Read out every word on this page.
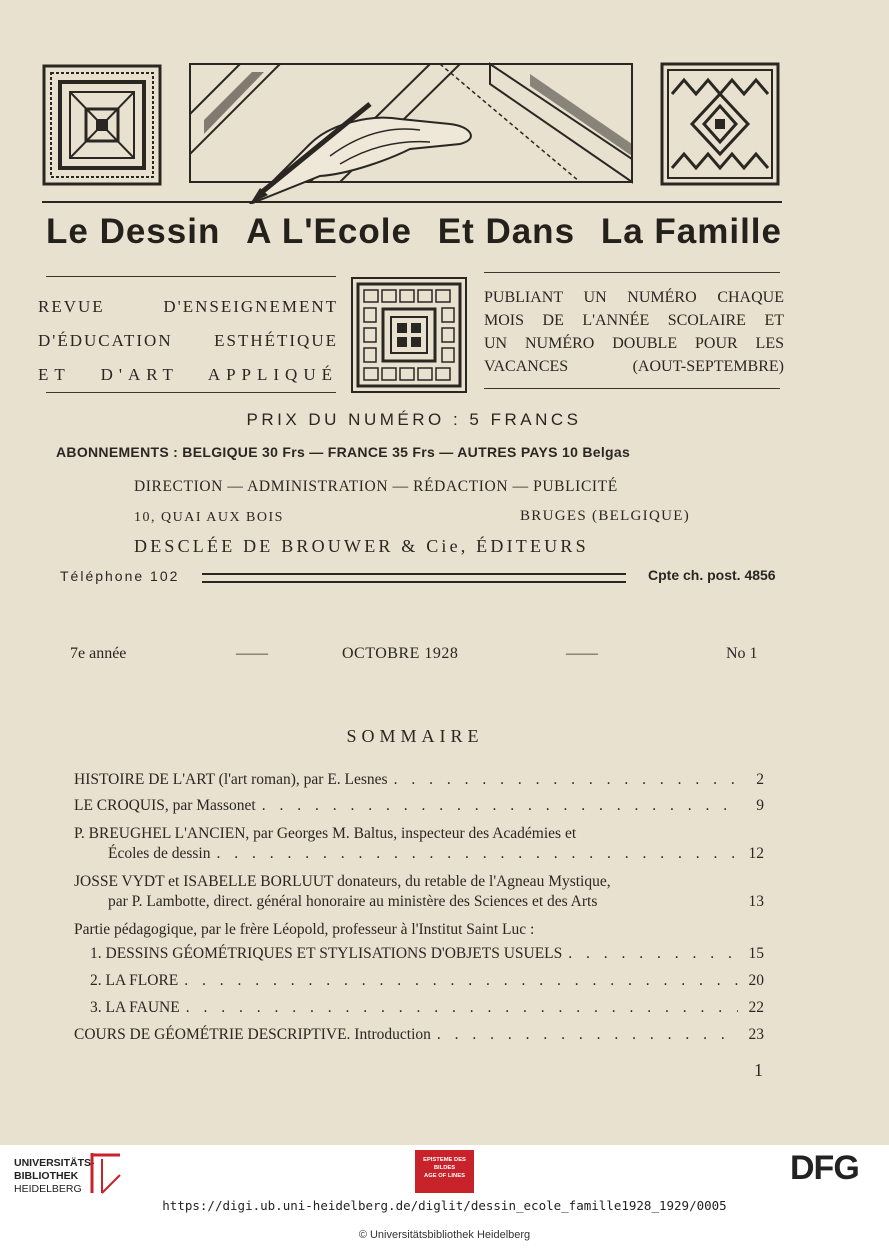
Le Dessin A L'Ecole Et Dans La Famille
REVUE D'ENSEIGNEMENT
D'ÉDUCATION ESTHÉTIQUE
ET D'ART APPLIQUÉ
PUBLIANT UN NUMÉRO CHAQUE
MOIS DE L'ANNÉE SCOLAIRE ET
UN NUMÉRO DOUBLE POUR LES
VACANCES (AOUT-SEPTEMBRE)
PRIX DU NUMÉRO : 5 FRANCS
ABONNEMENTS : BELGIQUE 30 Frs — FRANCE 35 Frs — AUTRES PAYS 10 Belgas
DIRECTION — ADMINISTRATION — RÉDACTION — PUBLICITÉ
10, QUAI AUX BOIS	BRUGES (BELGIQUE)
DESCLÉE DE BROUWER & Cie, ÉDITEURS
Téléphone 102	Cpte ch. post. 4856
7e année	——	OCTOBRE 1928	——	No 1
SOMMAIRE
HISTOIRE DE L'ART (l'art roman), par E. Lesnes . . .	2
LE CROQUIS, par Massonet . . .	9
P. BREUGHEL L'ANCIEN, par Georges M. Baltus, inspecteur des Académies et
Écoles de dessin . . .	12
JOSSE VYDT et ISABELLE BORLUUT donateurs, du retable de l'Agneau Mystique,
par P. Lambotte, direct. général honoraire au ministère des Sciences et des Arts	13
Partie pédagogique, par le frère Léopold, professeur à l'Institut Saint Luc :
1. DESSINS GÉOMÉTRIQUES ET STYLISATIONS D'OBJETS USUELS . . .	15
2. LA FLORE . . .	20
3. LA FAUNE . . .	22
COURS DE GÉOMÉTRIE DESCRIPTIVE. Introduction . . .	23
1
UNIVERSITÄTS-
BIBLIOTHEK
HEIDELBERG
EPISTEME DES
BILDES
AGE OF LINES	DFG
https://digi.ub.uni-heidelberg.de/diglit/dessin_ecole_famille1928_1929/0005
© Universitätsbibliothek Heidelberg
